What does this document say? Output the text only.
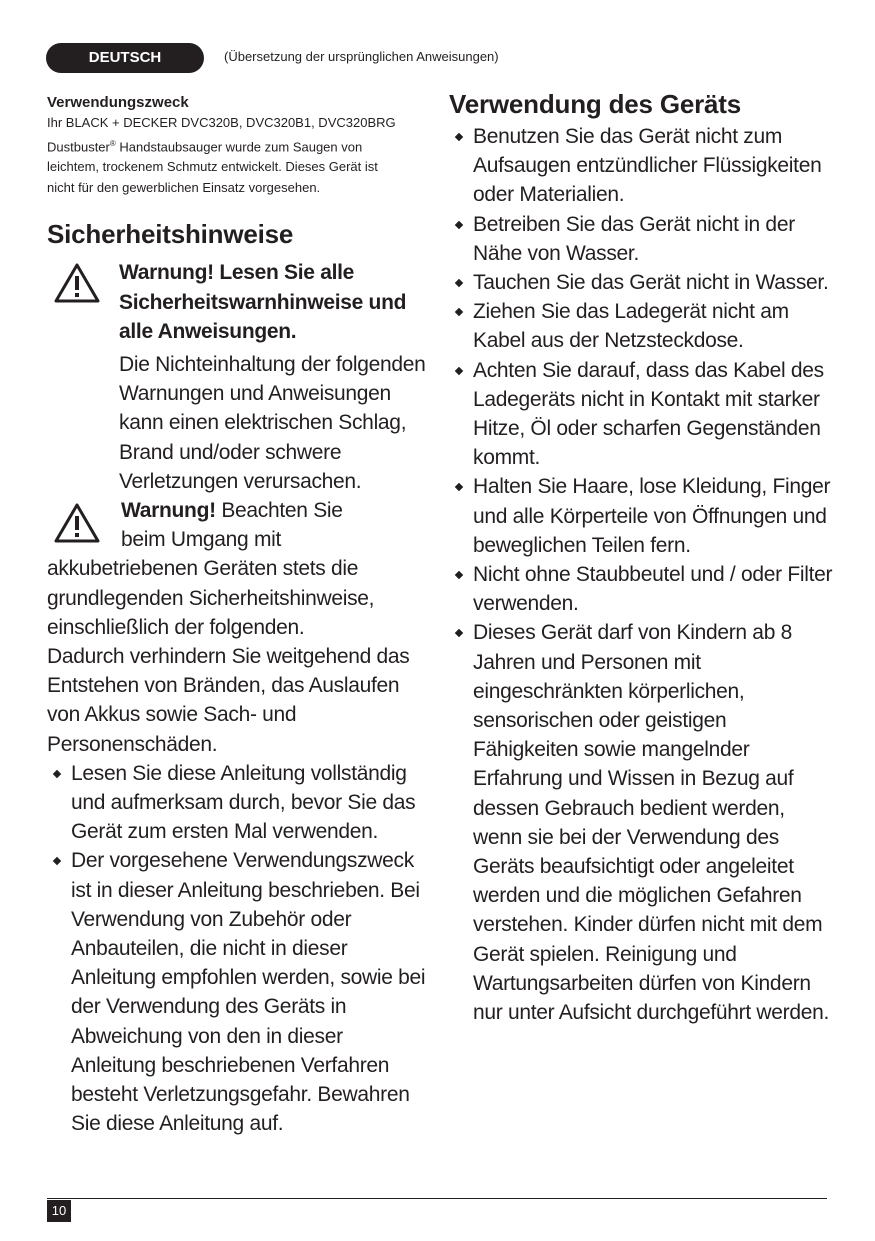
DEUTSCH	(Übersetzung der ursprünglichen Anweisungen)

Verwendungszweck

Ihr BLACK + DECKER DVC320B, DVC320B1, DVC320BRG
Dustbuster® Handstaubsauger wurde zum Saugen von
leichtem, trockenem Schmutz entwickelt. Dieses Gerät ist
nicht für den gewerblichen Einsatz vorgesehen.

Sicherheitshinweise
Warnung! Lesen Sie alle Sicherheitswarnhinweise und alle Anweisungen.
Die Nichteinhaltung der folgenden Warnungen und Anweisungen kann einen elektrischen Schlag, Brand und/oder schwere Verletzungen verursachen.
Warnung! Beachten Sie
beim Umgang mit
akkubetriebenen Geräten stets die grundlegenden Sicherheitshinweise, einschließlich der folgenden.
Dadurch verhindern Sie weitgehend das Entstehen von Bränden, das Auslaufen von Akkus sowie Sach- und Personenschäden.
Lesen Sie diese Anleitung vollständig und aufmerksam durch, bevor Sie das Gerät zum ersten Mal verwenden.
Der vorgesehene Verwendungszweck ist in dieser Anleitung beschrieben. Bei Verwendung von Zubehör oder Anbauteilen, die nicht in dieser Anleitung empfohlen werden, sowie bei der Verwendung des Geräts in Abweichung von den in dieser Anleitung beschriebenen Verfahren besteht Verletzungsgefahr. Bewahren Sie diese Anleitung auf.
Verwendung des Geräts
Benutzen Sie das Gerät nicht zum Aufsaugen entzündlicher Flüssigkeiten oder Materialien.
Betreiben Sie das Gerät nicht in der Nähe von Wasser.
Tauchen Sie das Gerät nicht in Wasser.
Ziehen Sie das Ladegerät nicht am Kabel aus der Netzsteckdose.
Achten Sie darauf, dass das Kabel des Ladegeräts nicht in Kontakt mit starker Hitze, Öl oder scharfen Gegenständen kommt.
Halten Sie Haare, lose Kleidung, Finger und alle Körperteile von Öffnungen und beweglichen Teilen fern.
Nicht ohne Staubbeutel und / oder Filter verwenden.
Dieses Gerät darf von Kindern ab 8 Jahren und Personen mit eingeschränkten körperlichen, sensorischen oder geistigen Fähigkeiten sowie mangelnder Erfahrung und Wissen in Bezug auf dessen Gebrauch bedient werden, wenn sie bei der Verwendung des Geräts beaufsichtigt oder angeleitet werden und die möglichen Gefahren verstehen. Kinder dürfen nicht mit dem Gerät spielen. Reinigung und Wartungsarbeiten dürfen von Kindern nur unter Aufsicht durchgeführt werden.
10
